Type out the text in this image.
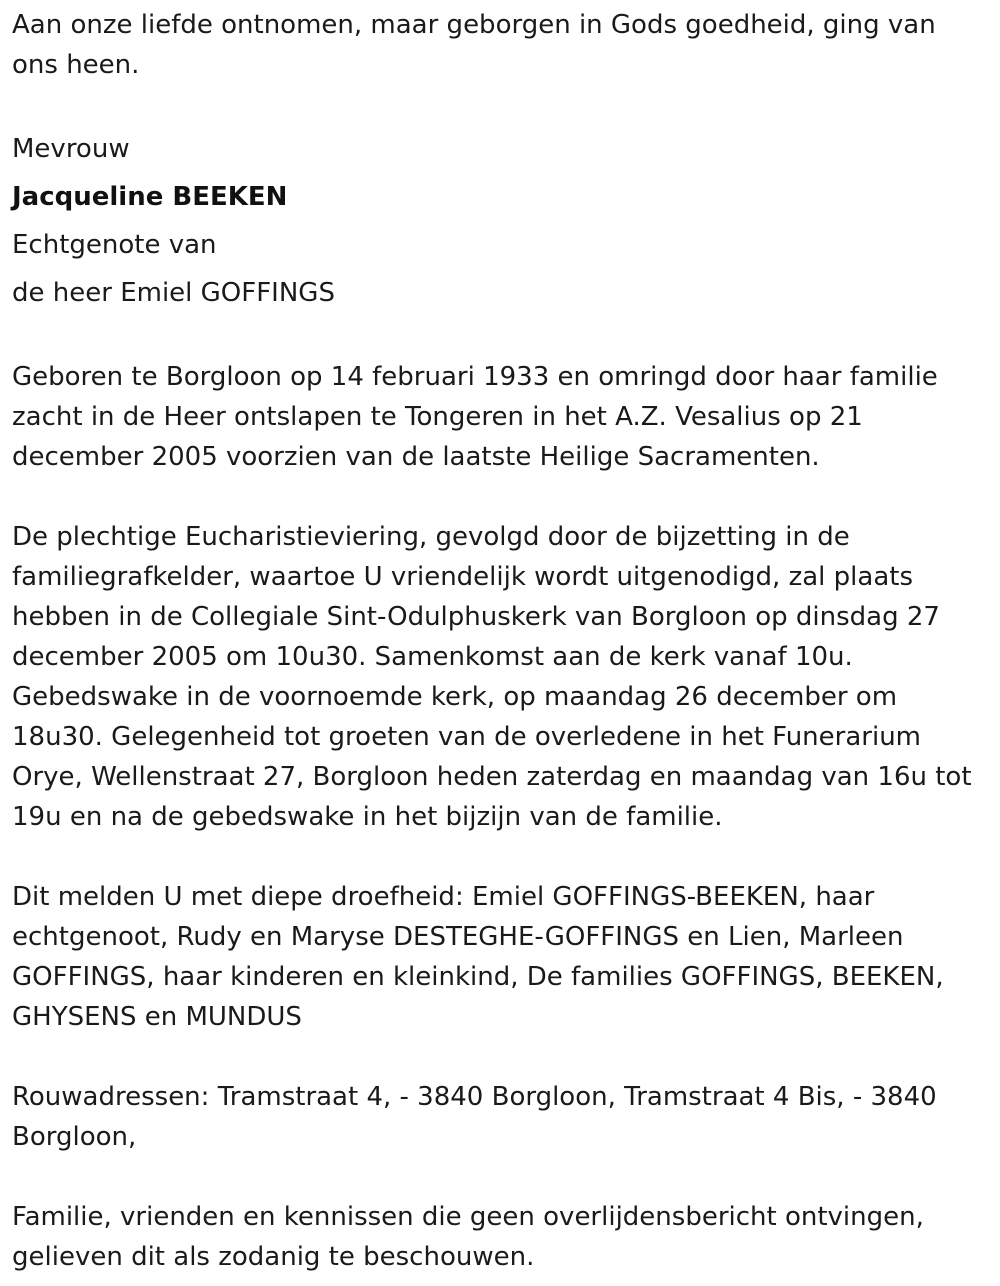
Aan onze liefde ontnomen, maar geborgen in Gods goedheid, ging van ons heen.

Mevrouw

Jacqueline BEEKEN

Echtgenote van

de heer Emiel GOFFINGS

Geboren te Borgloon op 14 februari 1933 en omringd door haar familie zacht in de Heer ontslapen te Tongeren in het A.Z. Vesalius op 21 december 2005 voorzien van de laatste Heilige Sacramenten.

De plechtige Eucharistieviering, gevolgd door de bijzetting in de familiegrafkelder, waartoe U vriendelijk wordt uitgenodigd, zal plaats hebben in de Collegiale Sint-Odulphuskerk van Borgloon op dinsdag 27 december 2005 om 10u30. Samenkomst aan de kerk vanaf 10u. Gebedswake in de voornoemde kerk, op maandag 26 december om 18u30. Gelegenheid tot groeten van de overledene in het Funerarium Orye, Wellenstraat 27, Borgloon heden zaterdag en maandag van 16u tot 19u en na de gebedswake in het bijzijn van de familie.

Dit melden U met diepe droefheid: Emiel GOFFINGS-BEEKEN, haar echtgenoot, Rudy en Maryse DESTEGHE-GOFFINGS en Lien, Marleen GOFFINGS, haar kinderen en kleinkind, De families GOFFINGS, BEEKEN, GHYSENS en MUNDUS

Rouwadressen: Tramstraat 4, - 3840 Borgloon, Tramstraat 4 Bis, - 3840 Borgloon,

Familie, vrienden en kennissen die geen overlijdensbericht ontvingen, gelieven dit als zodanig te beschouwen.
